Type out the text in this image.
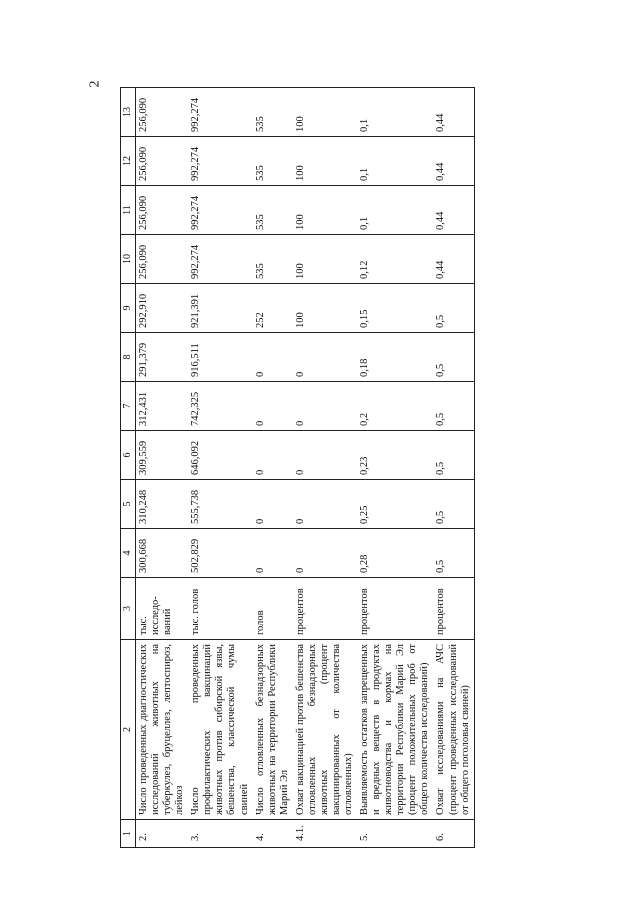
2
1	2	3	4	5	6	7	8	9	10	11	12	13
2.	Число проведенных диагностических исследований животных на туберкулез, бруцеллез, лептоспироз, лейкоз	тыс. исследо-ваний	300,668	310,248	309,559	312,431	291,379	292,910	256,090	256,090	256,090	256,090
3.	Число проведенных профилактических вакцинаций животных против сибирской язвы, бешенства, классической чумы свиней	тыс. голов	502,829	555,738	646,092	742,325	916,511	921,391	992,274	992,274	992,274	992,274
4.	Число отловленных безнадзорных животных на территории Республики Марий Эл	голов	0	0	0	0	0	252	535	535	535	535
4.1.	Охват вакцинацией против бешенства отловленных безнадзорных животных (процент вакцинированных от количества отловленных)	процентов	0	0	0	0	0	100	100	100	100	100
5.	Выявляемость остатков запрещенных и вредных веществ в продуктах животноводства и кормах на территории Республики Марий Эл (процент положительных проб от общего количества исследований)	процентов	0,28	0,25	0,23	0,2	0,18	0,15	0,12	0,1	0,1	0,1
6.	Охват исследованиями на АЧС (процент проведенных исследований от общего поголовья свиней)	процентов	0,5	0,5	0,5	0,5	0,5	0,5	0,44	0,44	0,44	0,44
